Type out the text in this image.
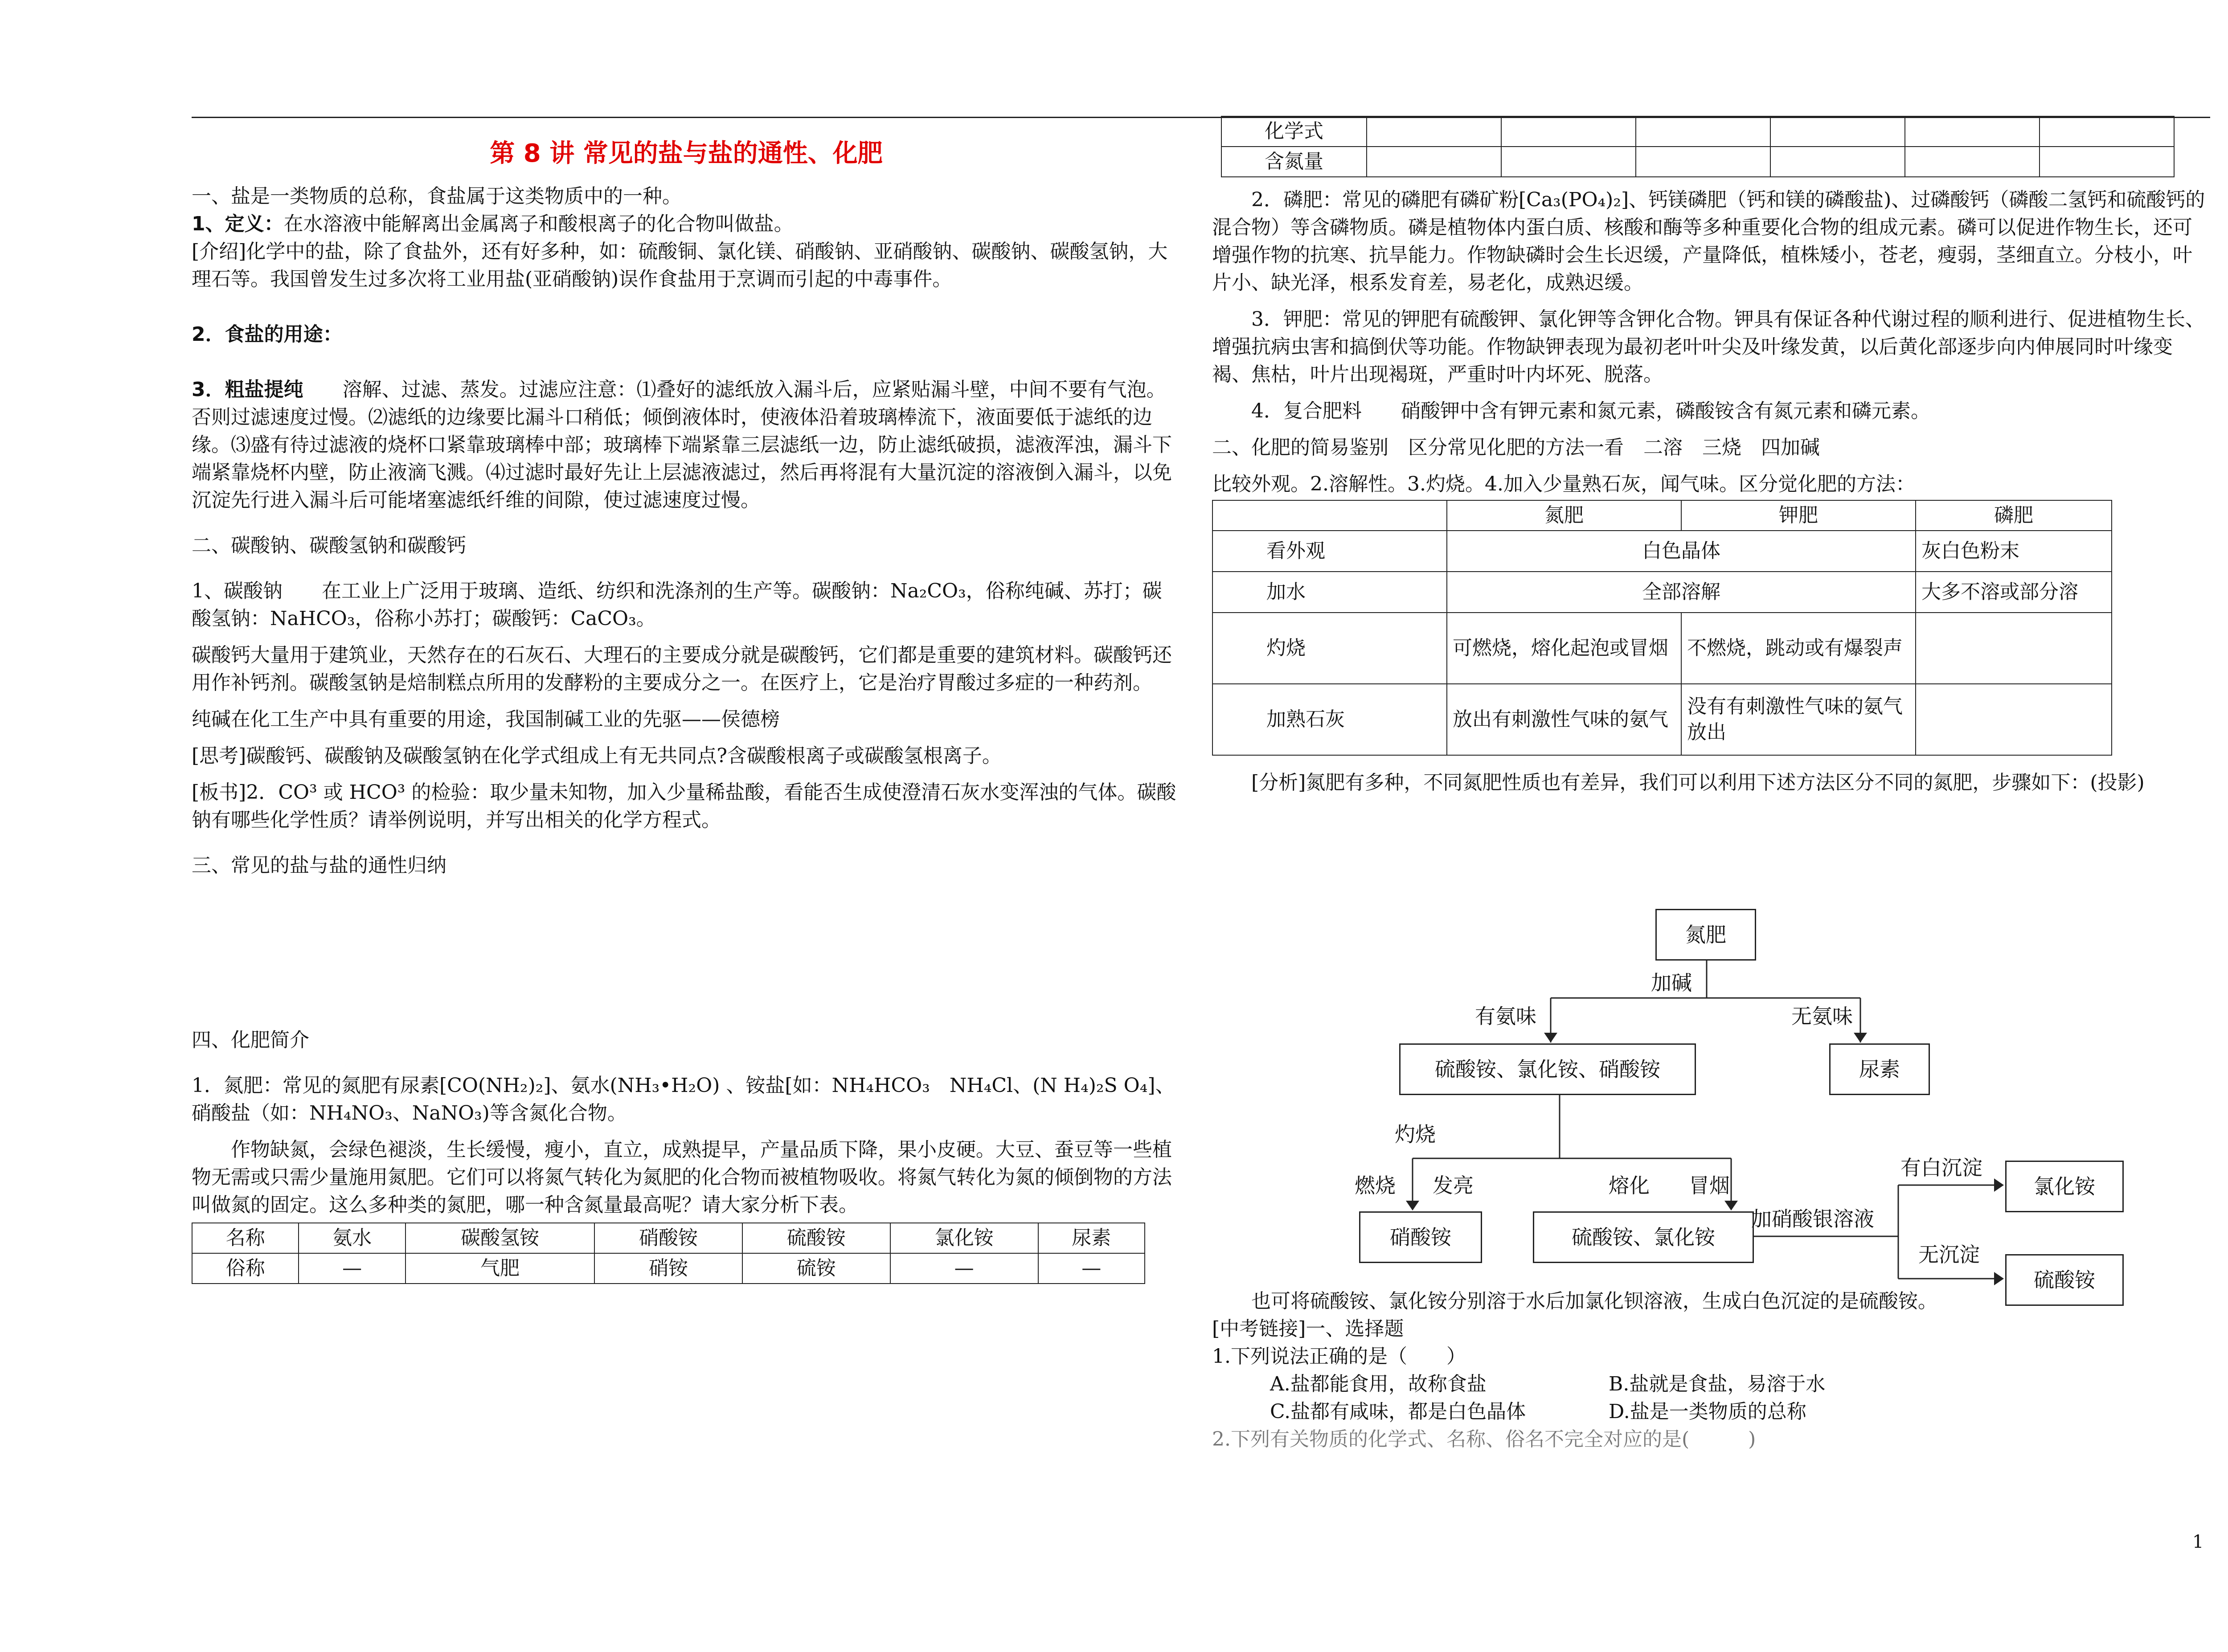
第 8 讲 常见的盐与盐的通性、化肥

一、盐是一类物质的总称，食盐属于这类物质中的一种。

1、定义：在水溶液中能解离出金属离子和酸根离子的化合物叫做盐。

[介绍]化学中的盐，除了食盐外，还有好多种，如：硫酸铜、氯化镁、硝酸钠、亚硝酸钠、碳酸钠、碳酸氢钠，大理石等。我国曾发生过多次将工业用盐(亚硝酸钠)误作食盐用于烹调而引起的中毒事件。

2．食盐的用途：

3．粗盐提纯　　 溶解、过滤、蒸发。过滤应注意：⑴叠好的滤纸放入漏斗后，应紧贴漏斗壁，中间不要有气泡。否则过滤速度过慢。⑵滤纸的边缘要比漏斗口稍低；倾倒液体时，使液体沿着玻璃棒流下，液面要低于滤纸的边缘。⑶盛有待过滤液的烧杯口紧靠玻璃棒中部；玻璃棒下端紧靠三层滤纸一边，防止滤纸破损，滤液浑浊，漏斗下端紧靠烧杯内壁，防止液滴飞溅。⑷过滤时最好先让上层滤液滤过，然后再将混有大量沉淀的溶液倒入漏斗，以免沉淀先行进入漏斗后可能堵塞滤纸纤维的间隙，使过滤速度过慢。

二、碳酸钠、碳酸氢钠和碳酸钙

1、碳酸钠　　在工业上广泛用于玻璃、造纸、纺织和洗涤剂的生产等。碳酸钠：Na₂CO₃，俗称纯碱、苏打；碳酸氢钠：NaHCO₃，俗称小苏打；碳酸钙：CaCO₃。

碳酸钙大量用于建筑业，天然存在的石灰石、大理石的主要成分就是碳酸钙，它们都是重要的建筑材料。碳酸钙还用作补钙剂。碳酸氢钠是焙制糕点所用的发酵粉的主要成分之一。在医疗上，它是治疗胃酸过多症的一种药剂。

纯碱在化工生产中具有重要的用途，我国制碱工业的先驱——侯德榜

[思考]碳酸钙、碳酸钠及碳酸氢钠在化学式组成上有无共同点?含碳酸根离子或碳酸氢根离子。

[板书]2．CO³ 或 HCO³ 的检验：取少量未知物，加入少量稀盐酸，看能否生成使澄清石灰水变浑浊的气体。碳酸钠有哪些化学性质？请举例说明，并写出相关的化学方程式。

三、常见的盐与盐的通性归纳

四、化肥简介

1．氮肥：常见的氮肥有尿素[CO(NH₂)₂]、氨水(NH₃•H₂O) 、铵盐[如：NH₄HCO₃　NH₄Cl、(N H₄)₂S O₄]、硝酸盐（如：NH₄NO₃、NaNO₃)等含氮化合物。

作物缺氮，会绿色褪淡，生长缓慢，瘦小，直立，成熟提早，产量品质下降，果小皮硬。大豆、蚕豆等一些植物无需或只需少量施用氮肥。它们可以将氮气转化为氮肥的化合物而被植物吸收。将氮气转化为氮的倾倒物的方法叫做氮的固定。这么多种类的氮肥，哪一种含氮量最高呢？请大家分析下表。

名称	氨水	碳酸氢铵	硝酸铵	硫酸铵	氯化铵	尿素
俗称	—	气肥	硝铵	硫铵	—	—
化学式						
含氮量						

2．磷肥：常见的磷肥有磷矿粉[Ca₃(PO₄)₂]、钙镁磷肥（钙和镁的磷酸盐)、过磷酸钙（磷酸二氢钙和硫酸钙的混合物）等含磷物质。磷是植物体内蛋白质、核酸和酶等多种重要化合物的组成元素。磷可以促进作物生长，还可增强作物的抗寒、抗旱能力。作物缺磷时会生长迟缓，产量降低，植株矮小，苍老，瘦弱，茎细直立。分枝小，叶片小、缺光泽，根系发育差，易老化，成熟迟缓。

3．钾肥：常见的钾肥有硫酸钾、氯化钾等含钾化合物。钾具有保证各种代谢过程的顺利进行、促进植物生长、增强抗病虫害和搞倒伏等功能。作物缺钾表现为最初老叶叶尖及叶缘发黄，以后黄化部逐步向内伸展同时叶缘变褐、焦枯，叶片出现褐斑，严重时叶内坏死、脱落。

4．复合肥料　　硝酸钾中含有钾元素和氮元素，磷酸铵含有氮元素和磷元素。

二、化肥的简易鉴别　区分常见化肥的方法一看　二溶　三烧　四加碱

比较外观。2.溶解性。3.灼烧。4.加入少量熟石灰，闻气味。区分觉化肥的方法：

	氮肥	钾肥	磷肥
看外观	白色晶体		灰白色粉末
加水	全部溶解		大多不溶或部分溶
灼烧	可燃烧，熔化起泡或冒烟	不燃烧，跳动或有爆裂声	
加熟石灰	放出有刺激性气味的氨气	没有有刺激性气味的氨气放出	

[分析]氮肥有多种，不同氮肥性质也有差异，我们可以利用下述方法区分不同的氮肥，步骤如下：(投影)

氮肥
加碱
有氨味	无氨味
硫酸铵、氯化铵、硝酸铵	尿素
灼烧
燃烧 发亮	熔化 冒烟
硝酸铵	硫酸铵、氯化铵
加硝酸银溶液
有白沉淀
无沉淀
氯化铵
硫酸铵

也可将硫酸铵、氯化铵分别溶于水后加氯化钡溶液，生成白色沉淀的是硫酸铵。

[中考链接]一、选择题

1.下列说法正确的是（　　）

A.盐都能食用，故称食盐	B.盐就是食盐，易溶于水

C.盐都有咸味，都是白色晶体	D.盐是一类物质的总称

2.下列有关物质的化学式、名称、俗名不完全对应的是(　　　)

1
